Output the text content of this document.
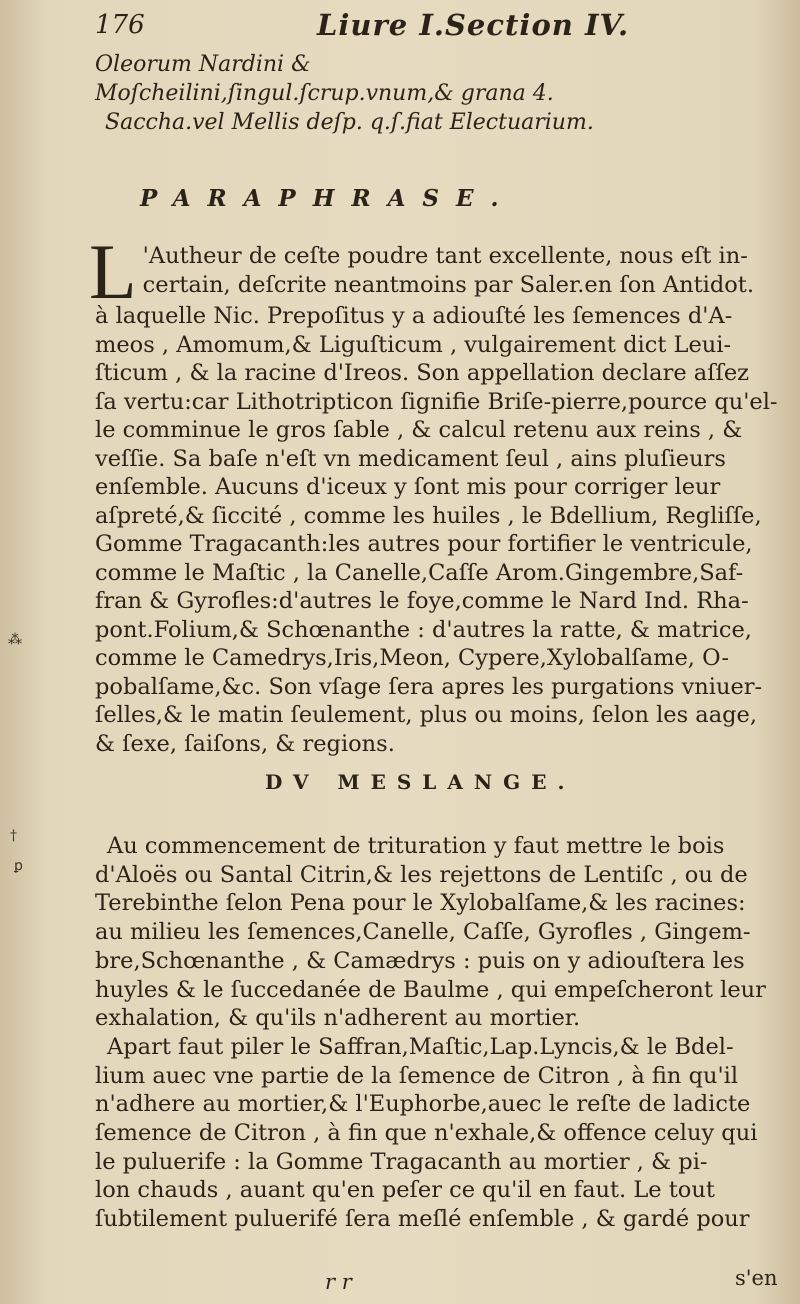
176	Liure I.Section IV.
Oleorum Nardini &
Moſcheilini,ſingul.ſcrup.vnum,& grana 4.
Saccha.vel Mellis deſp. q.ſ.fiat Electuarium.
PARAPHRASE.
L 'Autheur de ceſte poudre tant excellente, nous eſt in-
certain, deſcrite neantmoins par Saler.en ſon Antidot.
à laquelle Nic. Prepoſitus y a adiouſté les ſemences d'A-
meos , Amomum,& Liguſticum , vulgairement dict Leui-
ſticum , & la racine d'Ireos. Son appellation declare aſſez
ſa vertu:car Lithotripticon ſignifie Briſe-pierre,pource qu'el-
le comminue le gros ſable , & calcul retenu aux reins , &
veſſie. Sa baſe n'eſt vn medicament ſeul , ains pluſieurs
enſemble. Aucuns d'iceux y ſont mis pour corriger leur
aſpreté,& ſiccité , comme les huiles , le Bdellium, Regliſſe,
Gomme Tragacanth:les autres pour fortifier le ventricule,
comme le Maſtic , la Canelle,Caſſe Arom.Gingembre,Saf-
fran & Gyrofles:d'autres le foye,comme le Nard Ind. Rha-
pont.Folium,& Schœnanthe : d'autres la ratte, & matrice,
comme le Camedrys,Iris,Meon, Cypere,Xylobalſame, O-
pobalſame,&c. Son vſage ſera apres les purgations vniuer-
ſelles,& le matin ſeulement, plus ou moins, ſelon les aage,
& ſexe, ſaiſons, & regions.
DV MESLANGE.
Au commencement de trituration y faut mettre le bois
d'Aloës ou Santal Citrin,& les rejettons de Lentiſc , ou de
Terebinthe ſelon Pena pour le Xylobalſame,& les racines:
au milieu les ſemences,Canelle, Caſſe, Gyrofles , Gingem-
bre,Schœnanthe , & Camædrys : puis on y adiouſtera les
huyles & le ſuccedanée de Baulme , qui empeſcheront leur
exhalation, & qu'ils n'adherent au mortier.
Apart faut piler le Saffran,Maſtic,Lap.Lyncis,& le Bdel-
lium auec vne partie de la ſemence de Citron , à fin qu'il
n'adhere au mortier,& l'Euphorbe,auec le reſte de ladicte
ſemence de Citron , à fin que n'exhale,& offence celuy qui
le puluerife : la Gomme Tragacanth au mortier , & pi-
lon chauds , auant qu'en peſer ce qu'il en faut. Le tout
ſubtilement puluerifé ſera meſlé enſemble , & gardé pour
r r	s'en
⁂
†
ꝑ
